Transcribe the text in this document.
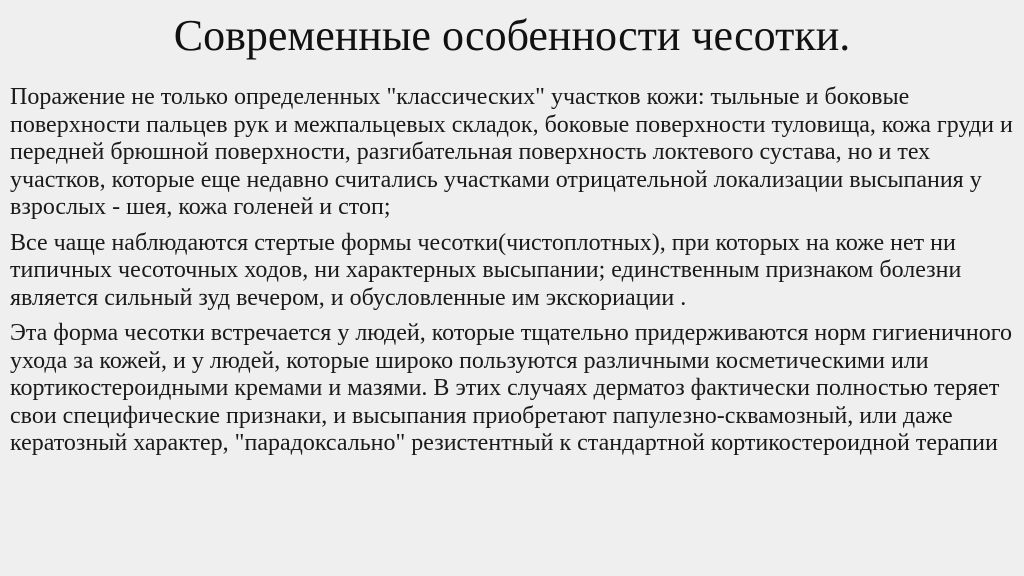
Современные особенности чесотки.

Поражение не только определенных "классических" участков кожи: тыльные и боковые поверхности пальцев рук и межпальцевых складок, боковые поверхности туловища, кожа груди и передней брюшной поверхности, разгибательная поверхность локтевого сустава, но и тех участков, которые еще недавно считались участками отрицательной локализации высыпания у взрослых - шея, кожа голеней и стоп;

Все чаще наблюдаются стертые формы чесотки(чистоплотных), при которых на коже нет ни типичных чесоточных ходов, ни характерных высыпании; единственным признаком болезни является сильный зуд вечером, и обусловленные им экскориации .

Эта форма чесотки встречается у людей, которые тщательно придерживаются норм гигиеничного ухода за кожей, и у людей, которые широко пользуются различными косметическими или кортикостероидными кремами и мазями. В этих случаях дерматоз фактически полностью теряет свои специфические признаки, и высыпания приобретают папулезно-сквамозный, или даже кератозный характер, "парадоксально" резистентный к стандартной кортикостероидной терапии
